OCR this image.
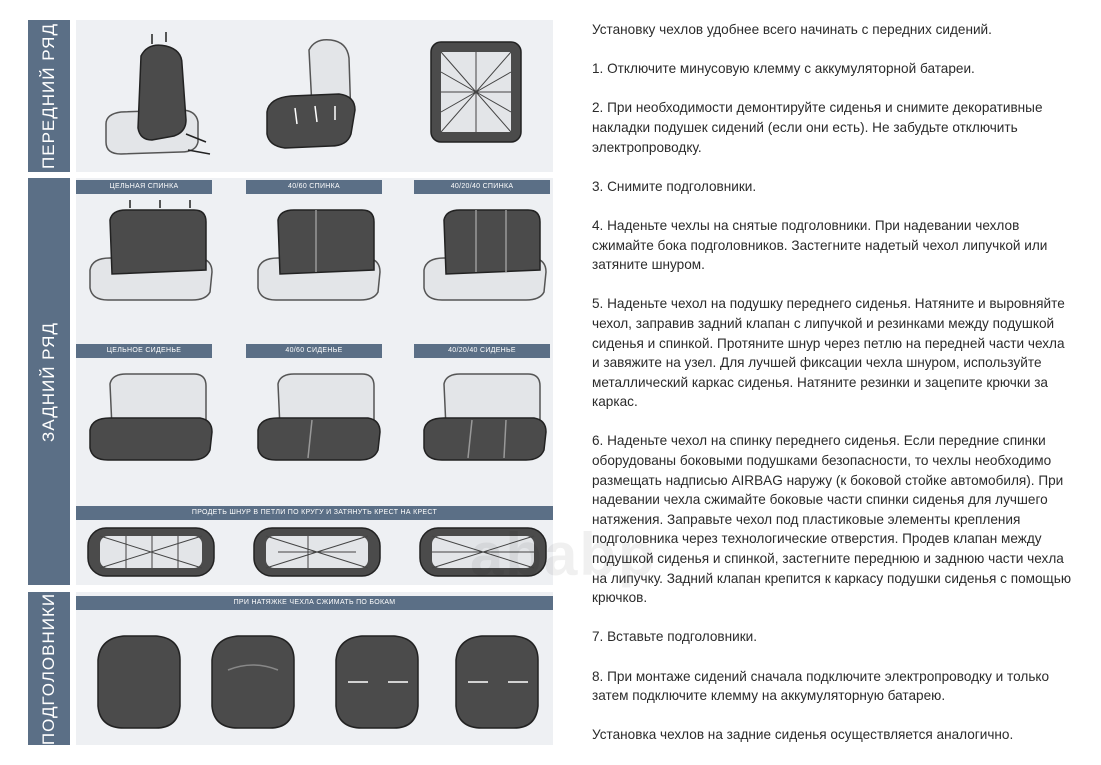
ПЕРЕДНИЙ РЯД
ЗАДНИЙ РЯД
ПОДГОЛОВНИКИ
ЦЕЛЬНАЯ СПИНКА	40/60 СПИНКА	40/20/40 СПИНКА
ЦЕЛЬНОЕ СИДЕНЬЕ	40/60 СИДЕНЬЕ	40/20/40 СИДЕНЬЕ
ПРОДЕТЬ ШНУР В ПЕТЛИ ПО КРУГУ И ЗАТЯНУТЬ КРЕСТ НА КРЕСТ
ПРИ НАТЯЖКЕ ЧЕХЛА СЖИМАТЬ ПО БОКАМ
ababp

Установку чехлов удобнее всего начинать с передних сидений.

1. Отключите минусовую клемму с аккумуляторной батареи.

2. При необходимости демонтируйте сиденья и снимите декоративные накладки подушек сидений (если они есть). Не забудьте отключить электропроводку.

3. Снимите подголовники.

4. Наденьте чехлы на снятые подголовники. При надевании чехлов сжимайте бока подголовников. Застегните надетый чехол липучкой или затяните шнуром.

5. Наденьте чехол на подушку переднего сиденья. Натяните и выровняйте чехол, заправив задний клапан с липучкой и резинками между подушкой сиденья и спинкой. Протяните шнур через петлю на передней части чехла и завяжите на узел. Для лучшей фиксации чехла шнуром, используйте металлический каркас сиденья. Натяните резинки и зацепите крючки за каркас.

6. Наденьте чехол на спинку переднего сиденья. Если передние спинки оборудованы боковыми подушками безопасности, то чехлы необходимо размещать надписью AIRBAG наружу (к боковой стойке автомобиля). При надевании чехла сжимайте боковые части спинки сиденья для лучшего натяжения. Заправьте чехол под пластиковые элементы крепления подголовника через технологические отверстия. Продев клапан между подушкой сиденья и спинкой, застегните переднюю и заднюю части чехла на липучку. Задний клапан крепится к каркасу подушки сиденья с помощью крючков.

7. Вставьте подголовники.

8. При монтаже сидений сначала подключите электропроводку и только затем подключите клемму на аккумуляторную батарею.

Установка чехлов на задние сиденья осуществляется аналогично.
